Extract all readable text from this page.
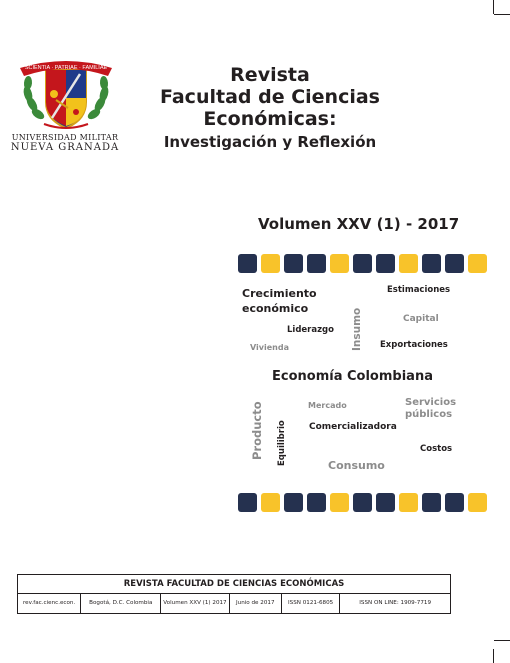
SCIENTIA · PATRIAE · FAMILIAE
UNIVERSIDAD MILITAR
NUEVA GRANADA
Revista
Facultad de Ciencias Económicas:
Investigación y Reflexión
Volumen XXV (1) - 2017
Crecimiento
económico
Estimaciones
Capital
Liderazgo Insumo
Vivienda	Exportaciones
Economía Colombiana
Mercado	Servicios
públicos
Producto Equilibrio Comercializadora
Costos
Consumo
REVISTA FACULTAD DE CIENCIAS ECONÓMICAS
rev.fac.cienc.econ.	Bogotá, D.C. Colombia	Volumen XXV (1) 2017	Junio de 2017	ISSN 0121-6805	ISSN ON LINE: 1909-7719
